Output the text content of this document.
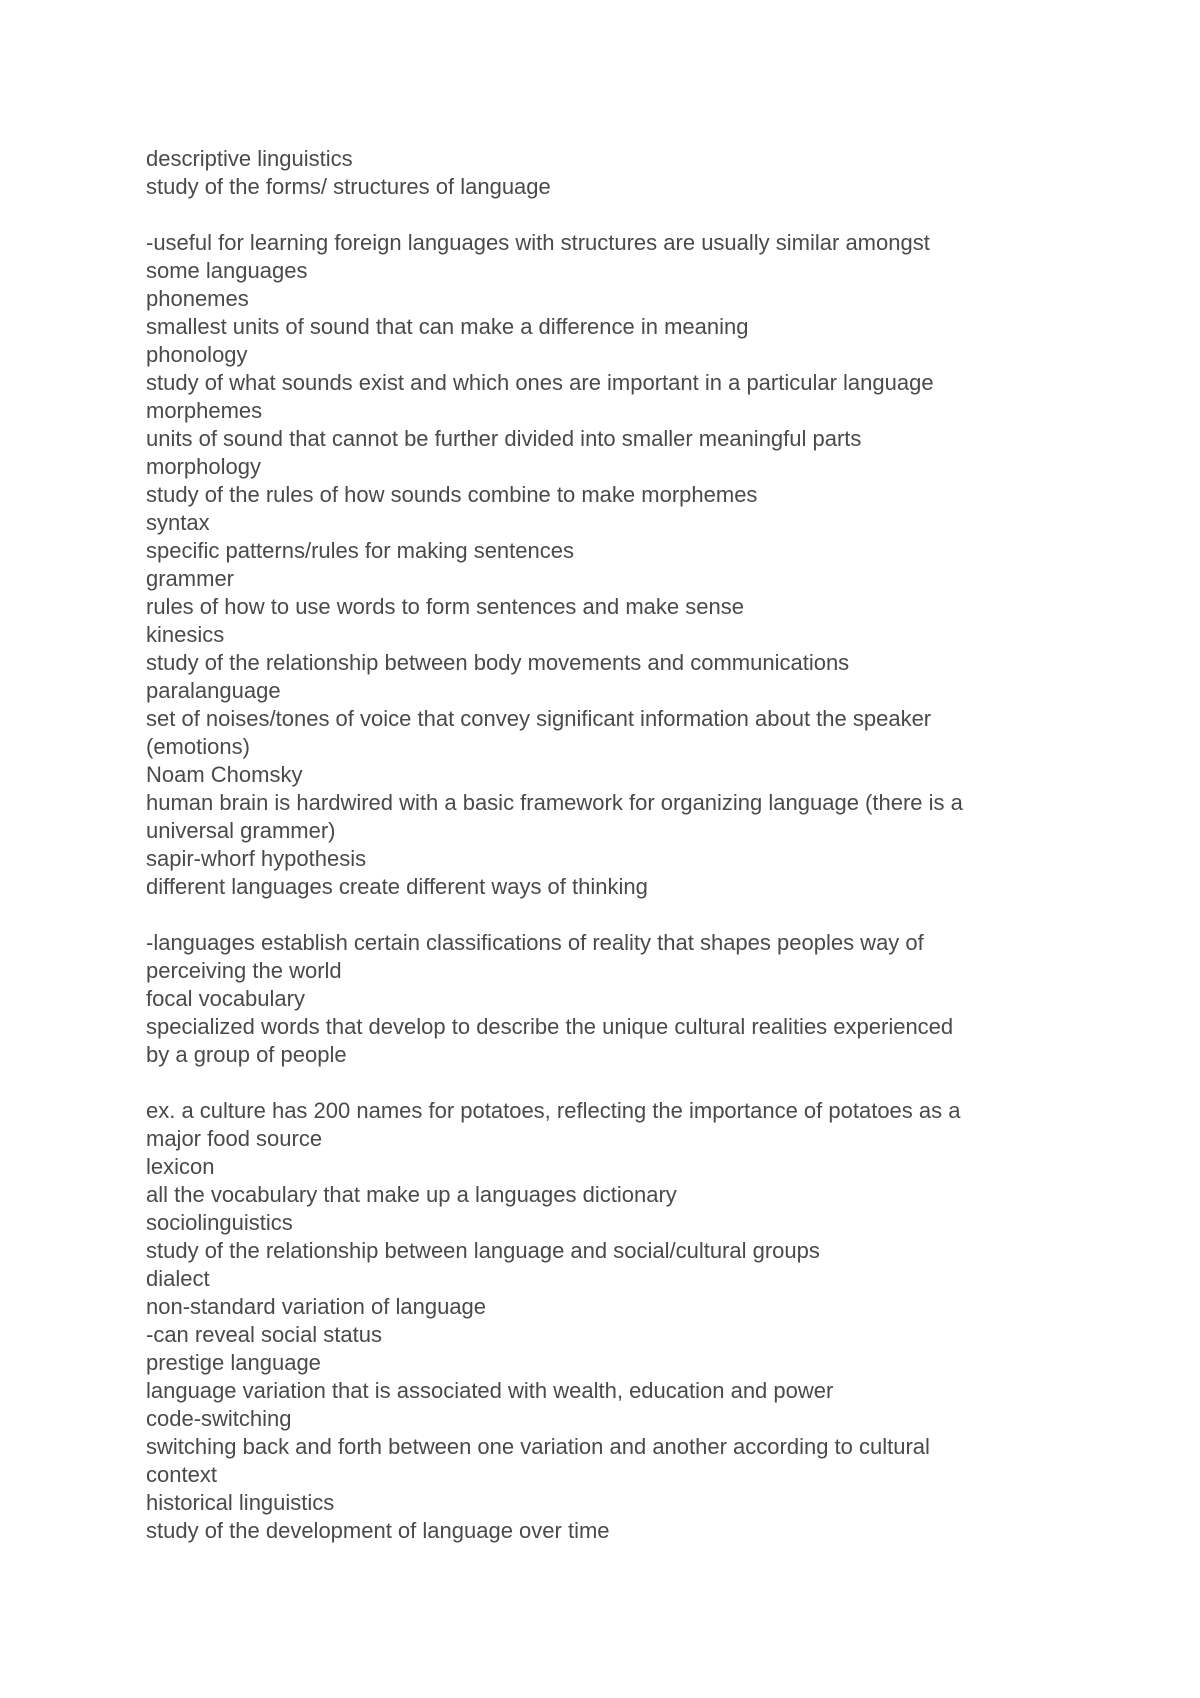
descriptive linguistics
study of the forms/ structures of language
-useful for learning foreign languages with structures are usually similar amongst
some languages
phonemes
smallest units of sound that can make a difference in meaning
phonology
study of what sounds exist and which ones are important in a particular language
morphemes
units of sound that cannot be further divided into smaller meaningful parts
morphology
study of the rules of how sounds combine to make morphemes
syntax
specific patterns/rules for making sentences
grammer
rules of how to use words to form sentences and make sense
kinesics
study of the relationship between body movements and communications
paralanguage
set of noises/tones of voice that convey significant information about the speaker
(emotions)
Noam Chomsky
human brain is hardwired with a basic framework for organizing language (there is a
universal grammer)
sapir-whorf hypothesis
different languages create different ways of thinking
-languages establish certain classifications of reality that shapes peoples way of
perceiving the world
focal vocabulary
specialized words that develop to describe the unique cultural realities experienced
by a group of people
ex. a culture has 200 names for potatoes, reflecting the importance of potatoes as a
major food source
lexicon
all the vocabulary that make up a languages dictionary
sociolinguistics
study of the relationship between language and social/cultural groups
dialect
non-standard variation of language
-can reveal social status
prestige language
language variation that is associated with wealth, education and power
code-switching
switching back and forth between one variation and another according to cultural
context
historical linguistics
study of the development of language over time
